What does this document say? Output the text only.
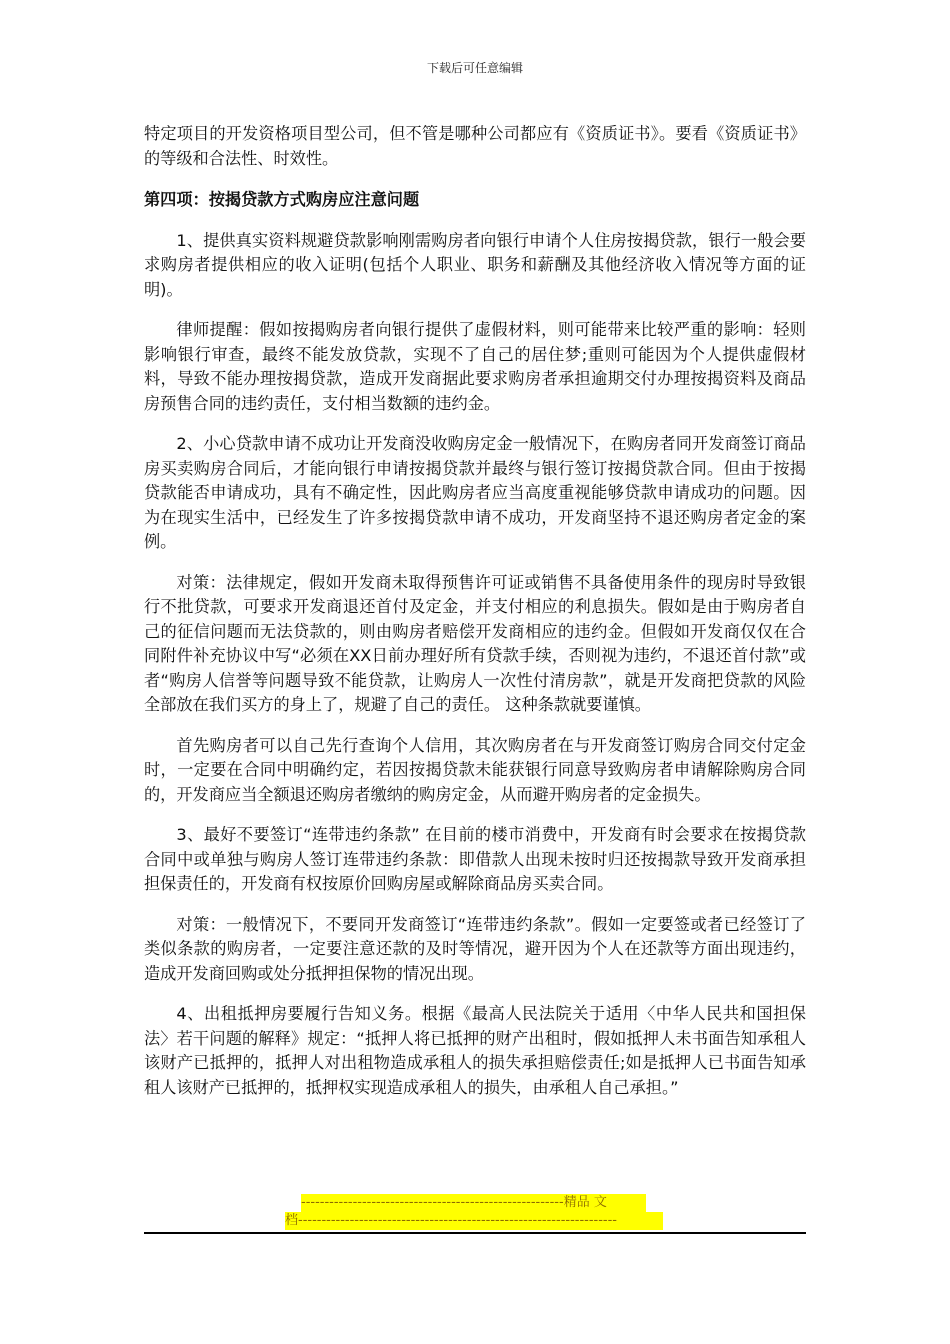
下载后可任意编辑

特定项目的开发资格项目型公司，但不管是哪种公司都应有《资质证书》。要看《资质证书》的等级和合法性、时效性。

第四项：按揭贷款方式购房应注意问题

1、提供真实资料规避贷款影响刚需购房者向银行申请个人住房按揭贷款，银行一般会要求购房者提供相应的收入证明(包括个人职业、职务和薪酬及其他经济收入情况等方面的证明)。

律师提醒：假如按揭购房者向银行提供了虚假材料，则可能带来比较严重的影响：轻则影响银行审查，最终不能发放贷款，实现不了自己的居住梦;重则可能因为个人提供虚假材料，导致不能办理按揭贷款，造成开发商据此要求购房者承担逾期交付办理按揭资料及商品房预售合同的违约责任，支付相当数额的违约金。

2、小心贷款申请不成功让开发商没收购房定金一般情况下，在购房者同开发商签订商品房买卖购房合同后，才能向银行申请按揭贷款并最终与银行签订按揭贷款合同。但由于按揭贷款能否申请成功，具有不确定性，因此购房者应当高度重视能够贷款申请成功的问题。因为在现实生活中，已经发生了许多按揭贷款申请不成功，开发商坚持不退还购房者定金的案例。

对策：法律规定，假如开发商未取得预售许可证或销售不具备使用条件的现房时导致银行不批贷款，可要求开发商退还首付及定金，并支付相应的利息损失。假如是由于购房者自己的征信问题而无法贷款的，则由购房者赔偿开发商相应的违约金。但假如开发商仅仅在合同附件补充协议中写“必须在XX日前办理好所有贷款手续，否则视为违约，不退还首付款”或者“购房人信誉等问题导致不能贷款，让购房人一次性付清房款”，就是开发商把贷款的风险全部放在我们买方的身上了，规避了自己的责任。 这种条款就要谨慎。

首先购房者可以自己先行查询个人信用，其次购房者在与开发商签订购房合同交付定金时，一定要在合同中明确约定，若因按揭贷款未能获银行同意导致购房者申请解除购房合同的，开发商应当全额退还购房者缴纳的购房定金，从而避开购房者的定金损失。

3、最好不要签订“连带违约条款” 在目前的楼市消费中，开发商有时会要求在按揭贷款合同中或单独与购房人签订连带违约条款：即借款人出现未按时归还按揭款导致开发商承担担保责任的，开发商有权按原价回购房屋或解除商品房买卖合同。

对策：一般情况下，不要同开发商签订“连带违约条款”。假如一定要签或者已经签订了类似条款的购房者，一定要注意还款的及时等情况，避开因为个人在还款等方面出现违约，造成开发商回购或处分抵押担保物的情况出现。

4、出租抵押房要履行告知义务。根据《最高人民法院关于适用〈中华人民共和国担保法〉若干问题的解释》规定：“抵押人将已抵押的财产出租时，假如抵押人未书面告知承租人该财产已抵押的，抵押人对出租物造成承租人的损失承担赔偿责任;如是抵押人已书面告知承租人该财产已抵押的，抵押权实现造成承租人的损失，由承租人自己承担。”

--------------------------------------------------------精品 文
档--------------------------------------------------------------------
